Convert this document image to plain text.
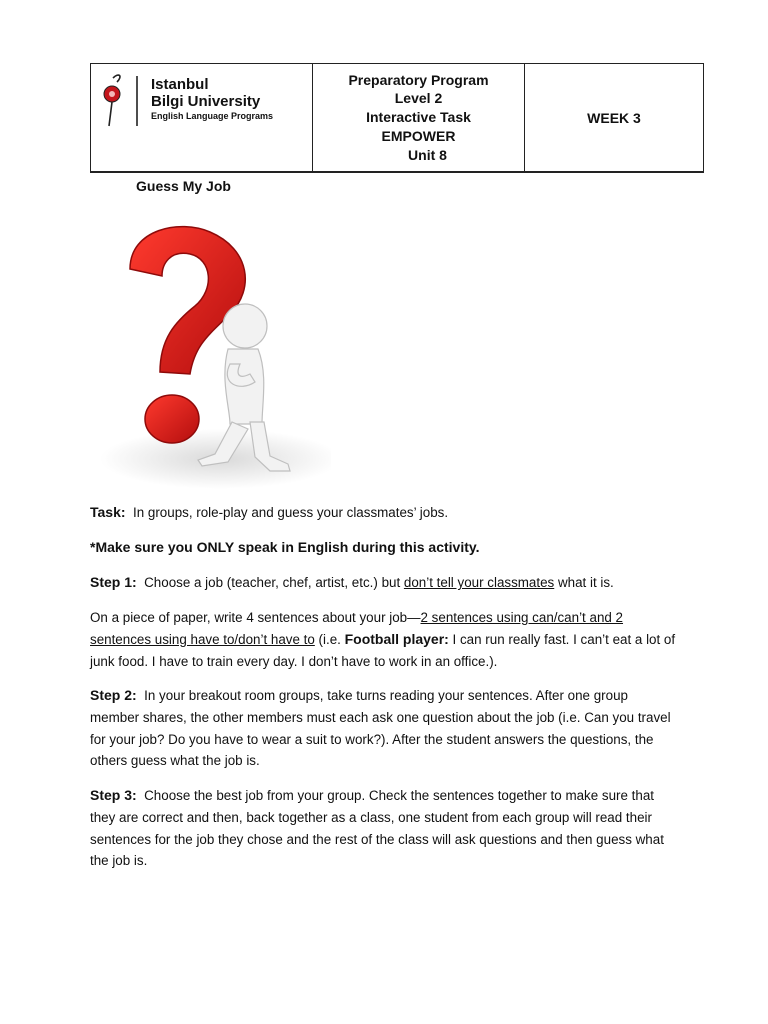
Istanbul
Bilgi University
English Language Programs
Preparatory Program
Level 2
Interactive Task
EMPOWER
Unit 8
WEEK 3
Guess My Job
Task: In groups, role-play and guess your classmates’ jobs.
*Make sure you ONLY speak in English during this activity.
Step 1: Choose a job (teacher, chef, artist, etc.) but don’t tell your classmates what it is.
On a piece of paper, write 4 sentences about your job—2 sentences using can/can’t and 2 sentences using have to/don’t have to (i.e. Football player: I can run really fast. I can’t eat a lot of junk food. I have to train every day. I don’t have to work in an office.).
Step 2: In your breakout room groups, take turns reading your sentences. After one group member shares, the other members must each ask one question about the job (i.e. Can you travel for your job? Do you have to wear a suit to work?). After the student answers the questions, the others guess what the job is.
Step 3: Choose the best job from your group. Check the sentences together to make sure that they are correct and then, back together as a class, one student from each group will read their sentences for the job they chose and the rest of the class will ask questions and then guess what the job is.
